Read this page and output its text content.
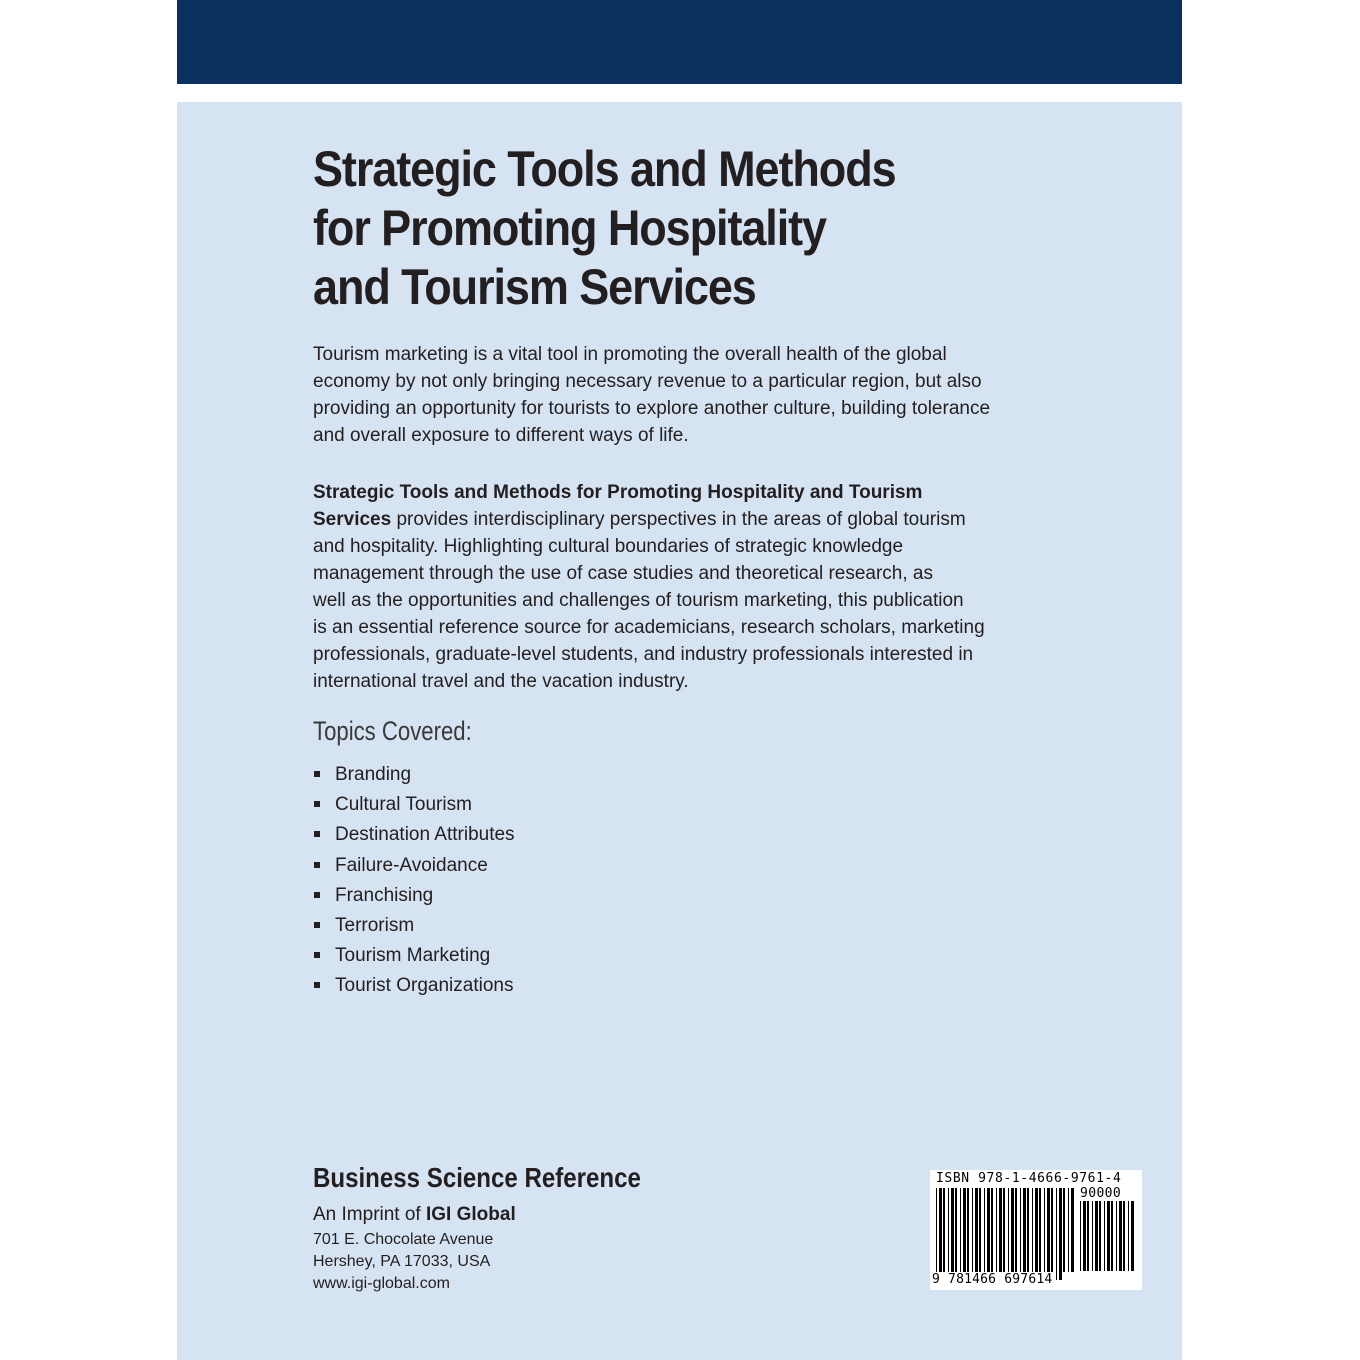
Strategic Tools and Methods
for Promoting Hospitality
and Tourism Services

Tourism marketing is a vital tool in promoting the overall health of the global
economy by not only bringing necessary revenue to a particular region, but also
providing an opportunity for tourists to explore another culture, building tolerance
and overall exposure to different ways of life.

Strategic Tools and Methods for Promoting Hospitality and Tourism
Services provides interdisciplinary perspectives in the areas of global tourism
and hospitality. Highlighting cultural boundaries of strategic knowledge
management through the use of case studies and theoretical research, as
well as the opportunities and challenges of tourism marketing, this publication
is an essential reference source for academicians, research scholars, marketing
professionals, graduate-level students, and industry professionals interested in
international travel and the vacation industry.

Topics Covered:
Branding
Cultural Tourism
Destination Attributes
Failure-Avoidance
Franchising
Terrorism
Tourism Marketing
Tourist Organizations
Business Science Reference
An Imprint of IGI Global
701 E. Chocolate Avenue
Hershey, PA 17033, USA
www.igi-global.com
ISBN 978-1-4666-9761-4
90000
9 781466 697614
